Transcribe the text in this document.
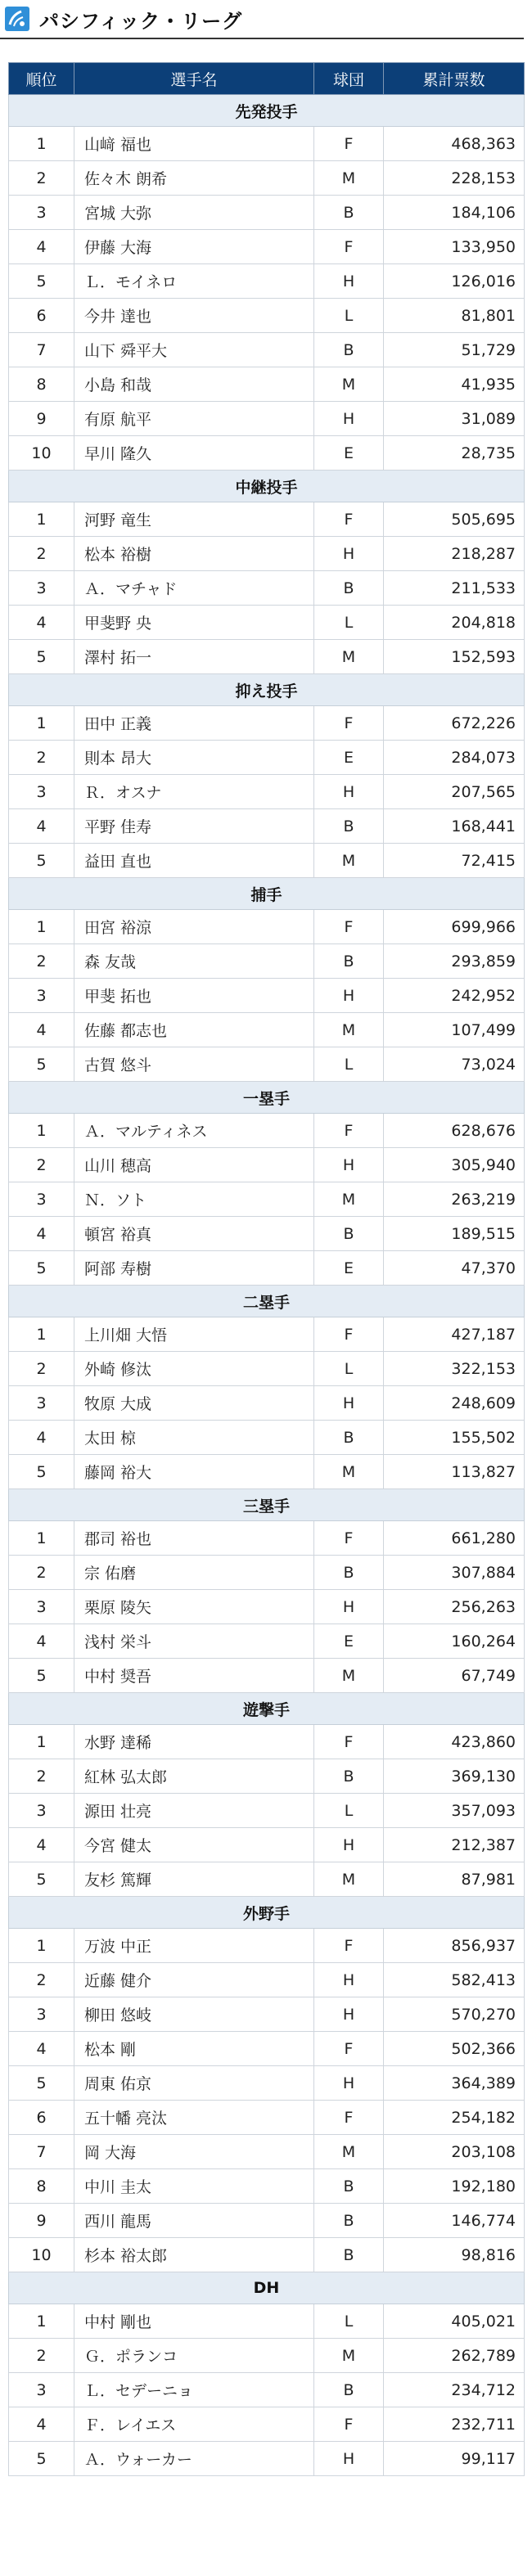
パシフィック・リーグ
順位	選手名	球団	累計票数
先発投手			
1	山﨑 福也	F	468,363
2	佐々木 朗希	M	228,153
3	宮城 大弥	B	184,106
4	伊藤 大海	F	133,950
5	Ｌ．モイネロ	H	126,016
6	今井 達也	L	81,801
7	山下 舜平大	B	51,729
8	小島 和哉	M	41,935
9	有原 航平	H	31,089
10	早川 隆久	E	28,735
中継投手			
1	河野 竜生	F	505,695
2	松本 裕樹	H	218,287
3	Ａ．マチャド	B	211,533
4	甲斐野 央	L	204,818
5	澤村 拓一	M	152,593
抑え投手			
1	田中 正義	F	672,226
2	則本 昂大	E	284,073
3	Ｒ．オスナ	H	207,565
4	平野 佳寿	B	168,441
5	益田 直也	M	72,415
捕手			
1	田宮 裕涼	F	699,966
2	森 友哉	B	293,859
3	甲斐 拓也	H	242,952
4	佐藤 都志也	M	107,499
5	古賀 悠斗	L	73,024
一塁手			
1	Ａ．マルティネス	F	628,676
2	山川 穂高	H	305,940
3	Ｎ．ソト	M	263,219
4	頓宮 裕真	B	189,515
5	阿部 寿樹	E	47,370
二塁手			
1	上川畑 大悟	F	427,187
2	外崎 修汰	L	322,153
3	牧原 大成	H	248,609
4	太田 椋	B	155,502
5	藤岡 裕大	M	113,827
三塁手			
1	郡司 裕也	F	661,280
2	宗 佑磨	B	307,884
3	栗原 陵矢	H	256,263
4	浅村 栄斗	E	160,264
5	中村 奨吾	M	67,749
遊撃手			
1	水野 達稀	F	423,860
2	紅林 弘太郎	B	369,130
3	源田 壮亮	L	357,093
4	今宮 健太	H	212,387
5	友杉 篤輝	M	87,981
外野手			
1	万波 中正	F	856,937
2	近藤 健介	H	582,413
3	柳田 悠岐	H	570,270
4	松本 剛	F	502,366
5	周東 佑京	H	364,389
6	五十幡 亮汰	F	254,182
7	岡 大海	M	203,108
8	中川 圭太	B	192,180
9	西川 龍馬	B	146,774
10	杉本 裕太郎	B	98,816
DH			
1	中村 剛也	L	405,021
2	Ｇ．ポランコ	M	262,789
3	Ｌ．セデーニョ	B	234,712
4	Ｆ．レイエス	F	232,711
5	Ａ．ウォーカー	H	99,117
